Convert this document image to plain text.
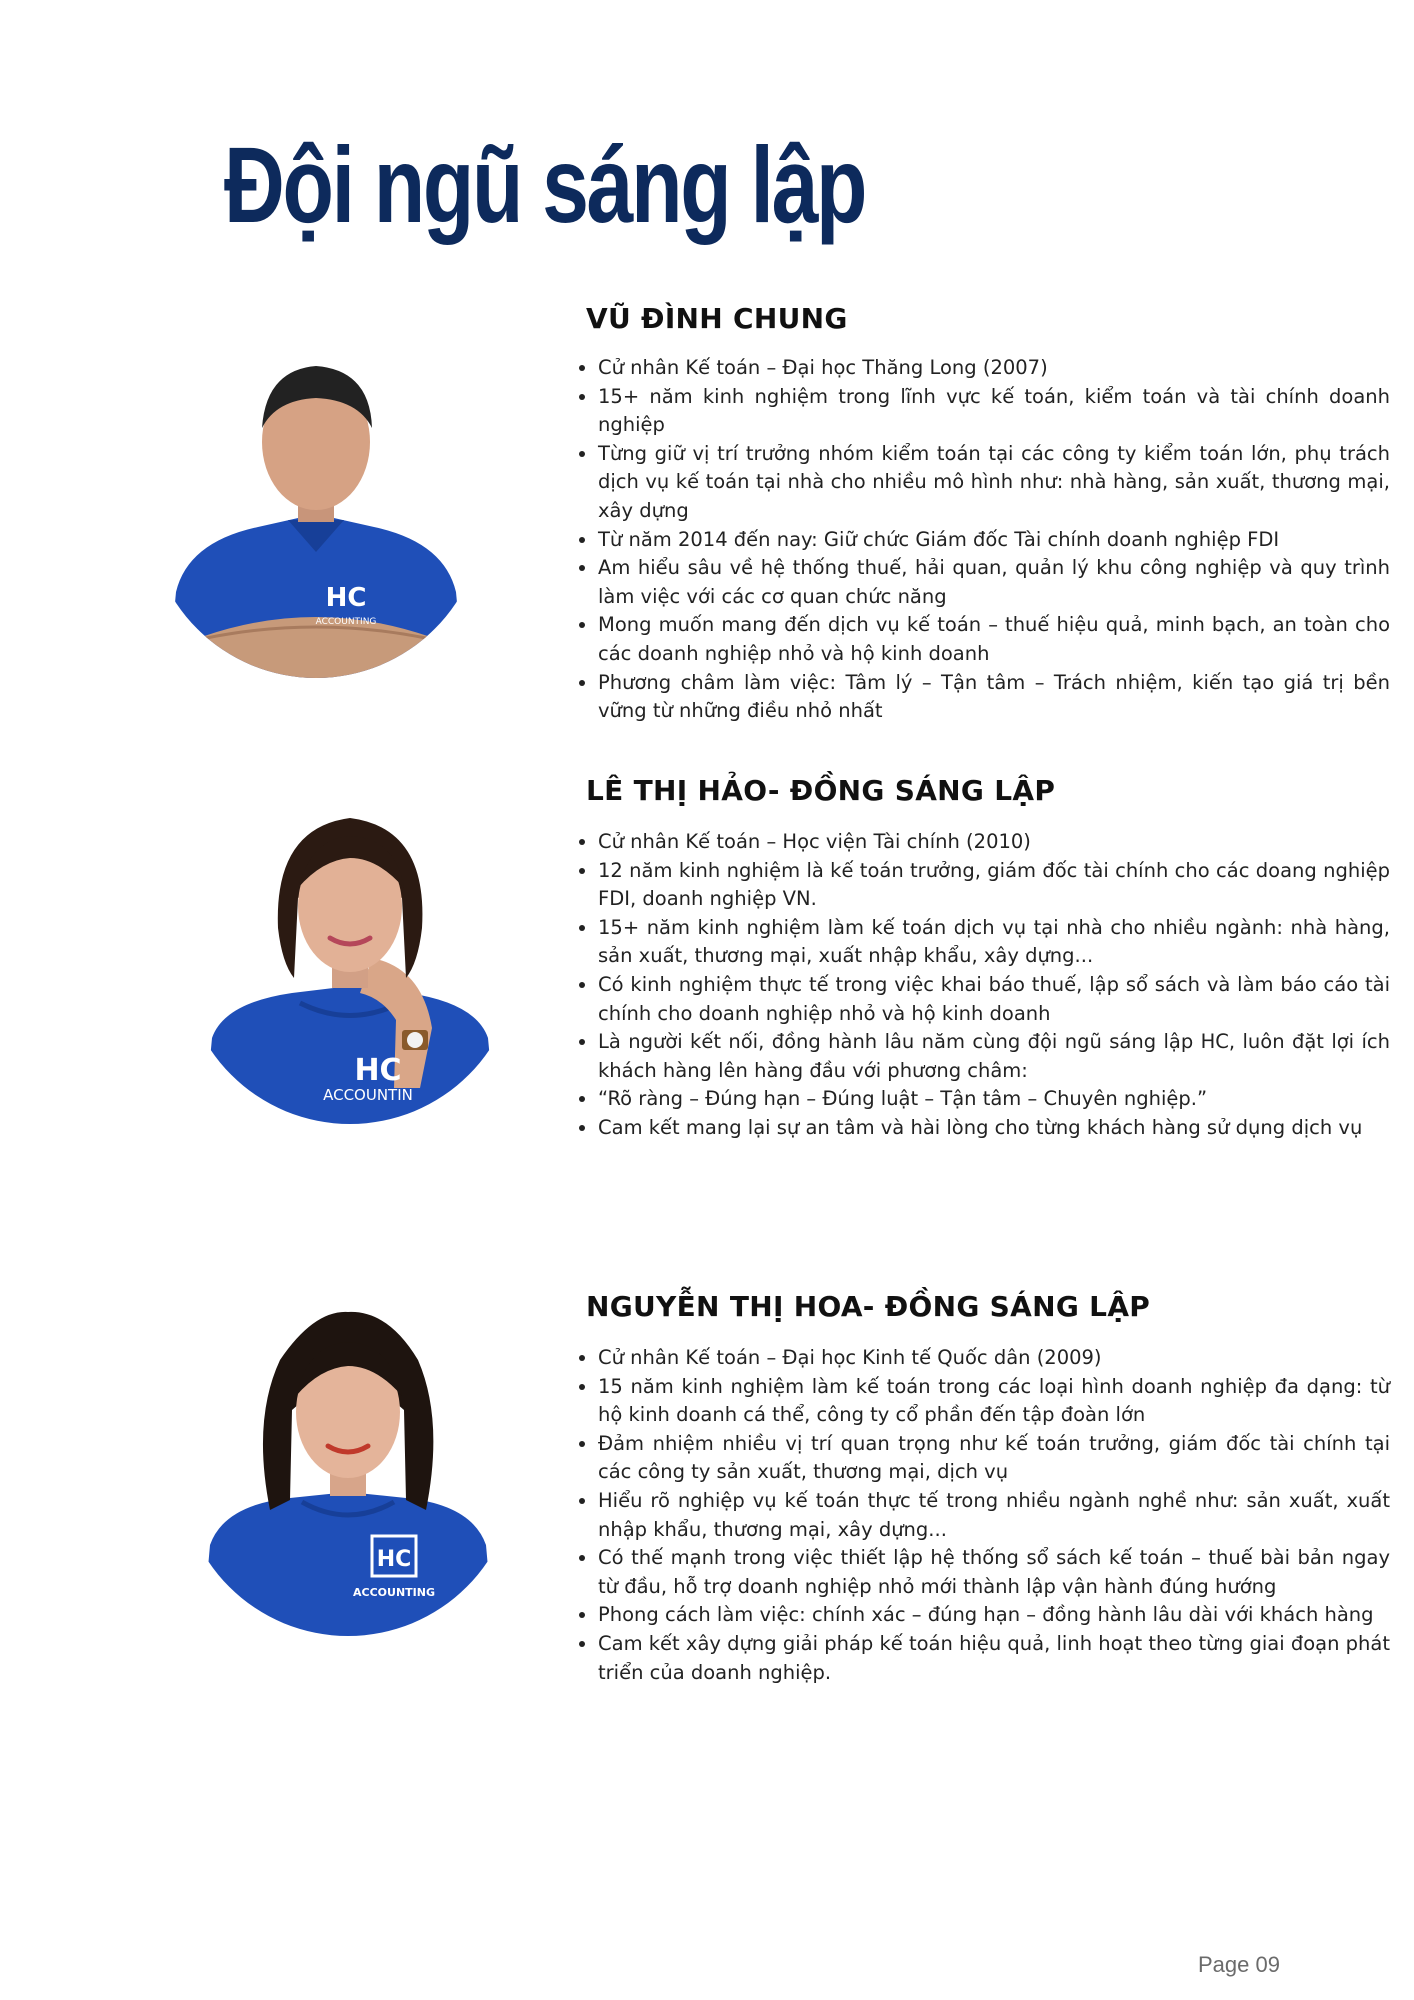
Đội ngũ sáng lập
HC
ACCOUNTING
VŨ ĐÌNH CHUNG
• Cử nhân Kế toán – Đại học Thăng Long (2007)
• 15+ năm kinh nghiệm trong lĩnh vực kế toán, kiểm toán và tài chính doanh nghiệp
• Từng giữ vị trí trưởng nhóm kiểm toán tại các công ty kiểm toán lớn, phụ trách dịch vụ kế toán tại nhà cho nhiều mô hình như: nhà hàng, sản xuất, thương mại, xây dựng
• Từ năm 2014 đến nay: Giữ chức Giám đốc Tài chính doanh nghiệp FDI
• Am hiểu sâu về hệ thống thuế, hải quan, quản lý khu công nghiệp và quy trình làm việc với các cơ quan chức năng
• Mong muốn mang đến dịch vụ kế toán – thuế hiệu quả, minh bạch, an toàn cho các doanh nghiệp nhỏ và hộ kinh doanh
• Phương châm làm việc: Tâm lý – Tận tâm – Trách nhiệm, kiến tạo giá trị bền vững từ những điều nhỏ nhất
HC
ACCOUNTIN
LÊ THỊ HẢO- ĐỒNG SÁNG LẬP
• Cử nhân Kế toán – Học viện Tài chính (2010)
• 12 năm kinh nghiệm là kế toán trưởng, giám đốc tài chính cho các doang nghiệp FDI, doanh nghiệp VN.
• 15+ năm kinh nghiệm làm kế toán dịch vụ tại nhà cho nhiều ngành: nhà hàng, sản xuất, thương mại, xuất nhập khẩu, xây dựng...
• Có kinh nghiệm thực tế trong việc khai báo thuế, lập sổ sách và làm báo cáo tài chính cho doanh nghiệp nhỏ và hộ kinh doanh
• Là người kết nối, đồng hành lâu năm cùng đội ngũ sáng lập HC, luôn đặt lợi ích khách hàng lên hàng đầu với phương châm:
• “Rõ ràng – Đúng hạn – Đúng luật – Tận tâm – Chuyên nghiệp.”
• Cam kết mang lại sự an tâm và hài lòng cho từng khách hàng sử dụng dịch vụ
HC
ACCOUNTING
NGUYỄN THỊ HOA- ĐỒNG SÁNG LẬP
• Cử nhân Kế toán – Đại học Kinh tế Quốc dân (2009)
• 15 năm kinh nghiệm làm kế toán trong các loại hình doanh nghiệp đa dạng: từ hộ kinh doanh cá thể, công ty cổ phần đến tập đoàn lớn
• Đảm nhiệm nhiều vị trí quan trọng như kế toán trưởng, giám đốc tài chính tại các công ty sản xuất, thương mại, dịch vụ
• Hiểu rõ nghiệp vụ kế toán thực tế trong nhiều ngành nghề như: sản xuất, xuất nhập khẩu, thương mại, xây dựng...
• Có thế mạnh trong việc thiết lập hệ thống sổ sách kế toán – thuế bài bản ngay từ đầu, hỗ trợ doanh nghiệp nhỏ mới thành lập vận hành đúng hướng
• Phong cách làm việc: chính xác – đúng hạn – đồng hành lâu dài với khách hàng
• Cam kết xây dựng giải pháp kế toán hiệu quả, linh hoạt theo từng giai đoạn phát triển của doanh nghiệp.
Page 09
